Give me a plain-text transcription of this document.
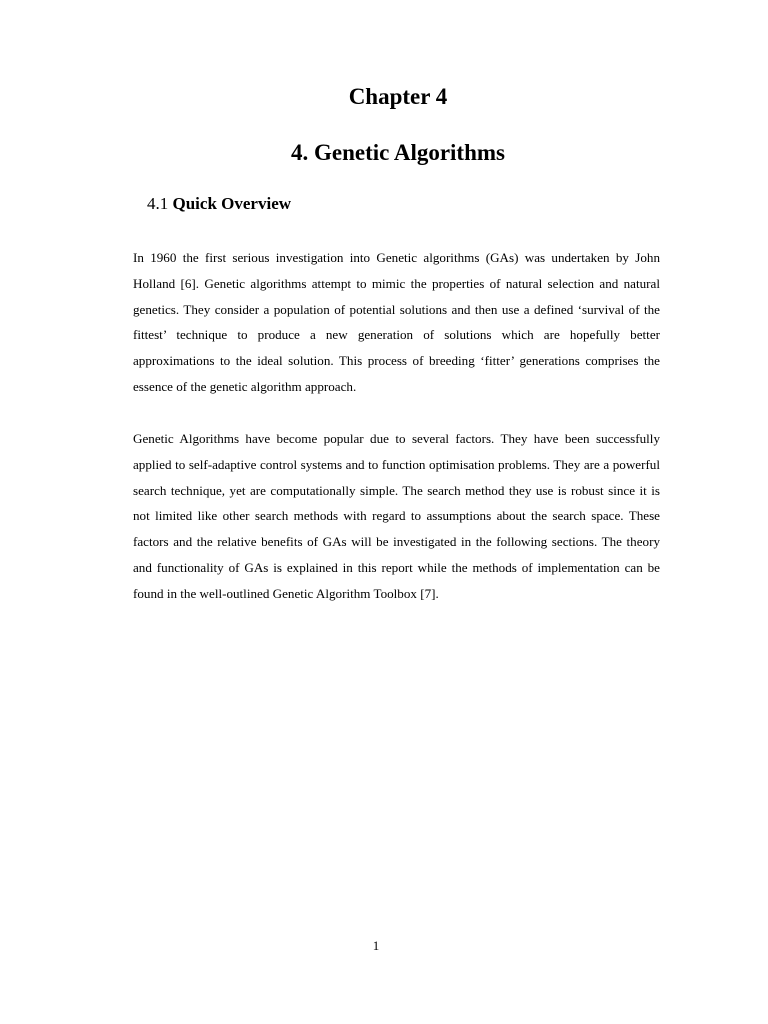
Chapter 4
4. Genetic Algorithms
4.1 Quick Overview

In 1960 the first serious investigation into Genetic algorithms (GAs) was undertaken by John Holland [6]. Genetic algorithms attempt to mimic the properties of natural selection and natural genetics. They consider a population of potential solutions and then use a defined ‘survival of the fittest’ technique to produce a new generation of solutions which are hopefully better approximations to the ideal solution. This process of breeding ‘fitter’ generations comprises the essence of the genetic algorithm approach.

Genetic Algorithms have become popular due to several factors. They have been successfully applied to self-adaptive control systems and to function optimisation problems. They are a powerful search technique, yet are computationally simple. The search method they use is robust since it is not limited like other search methods with regard to assumptions about the search space. These factors and the relative benefits of GAs will be investigated in the following sections. The theory and functionality of GAs is explained in this report while the methods of implementation can be found in the well-outlined Genetic Algorithm Toolbox [7].

1
